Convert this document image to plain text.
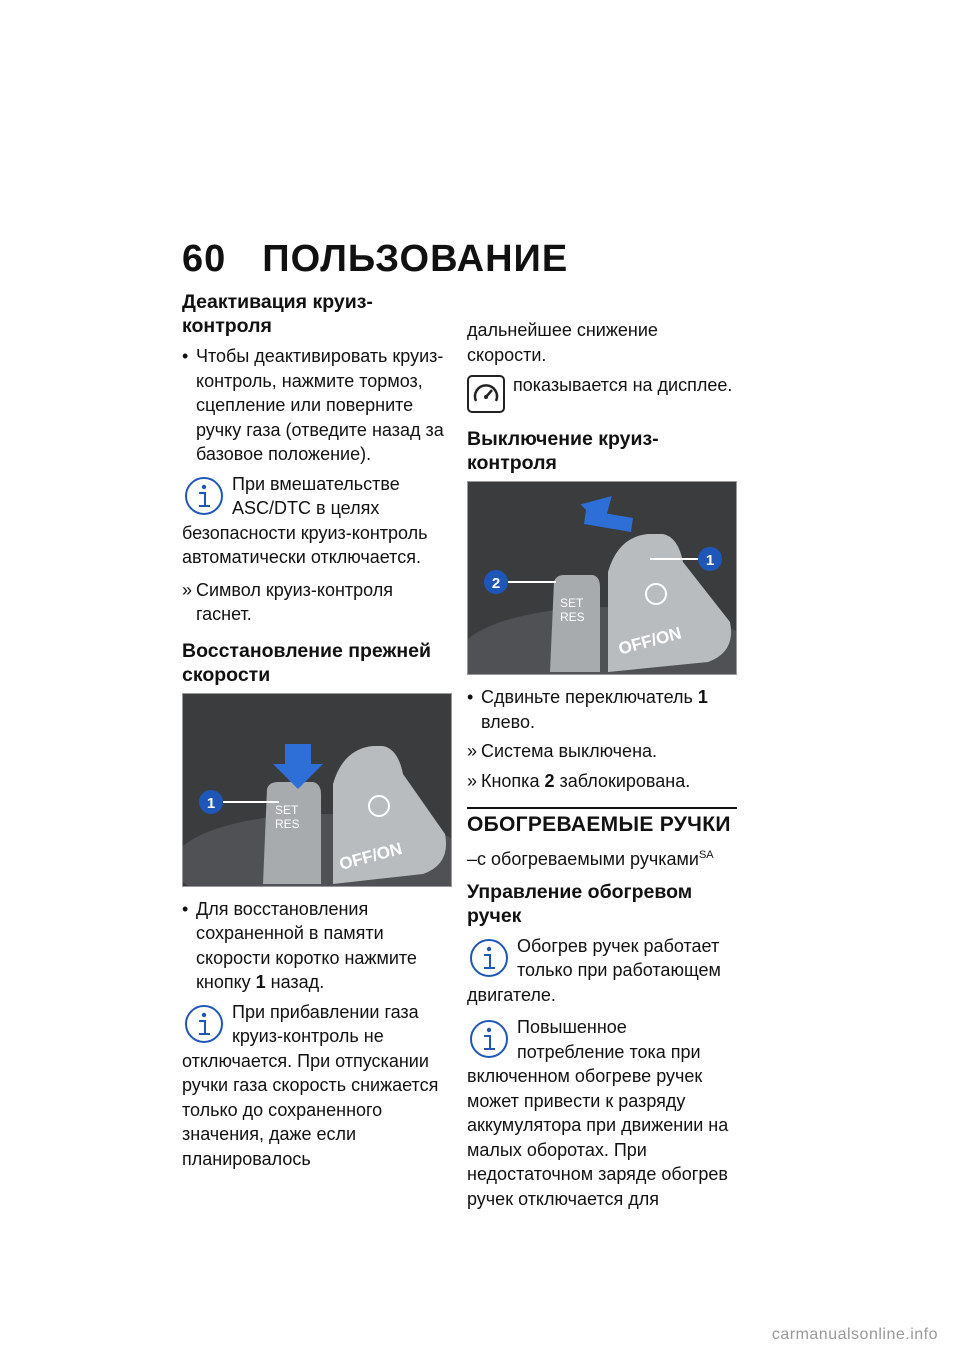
60 ПОЛЬЗОВАНИЕ
Деактивация круиз-контроля
• Чтобы деактивировать круиз-контроль, нажмите тормоз, сцепление или поверните ручку газа (отведите назад за базовое положение).
При вмешательстве ASC/DTC в целях безопасности круиз-контроль автоматически отключается.
» Символ круиз-контроля гаснет.
Восстановление прежней скорости
SET
RES
OFF/ON
1
• Для восстановления сохраненной в памяти скорости коротко нажмите кнопку 1 назад.
При прибавлении газа круиз-контроль не отключается. При отпускании ручки газа скорость снижается только до сохраненного значения, даже если планировалось
дальнейшее снижение скорости.
показывается на дисплее.
Выключение круиз-контроля
SET
RES
OFF/ON
1
2
• Сдвиньте переключатель 1 влево.
» Система выключена.
» Кнопка 2 заблокирована.
ОБОГРЕВАЕМЫЕ РУЧКИ
–с обогреваемыми ручками$^{SA}$
Управление обогревом ручек
Обогрев ручек работает только при работающем двигателе.
Повышенное потребление тока при включенном обогреве ручек может привести к разряду аккумулятора при движении на малых оборотах. При недостаточном заряде обогрев ручек отключается для
carmanualsonline.info
